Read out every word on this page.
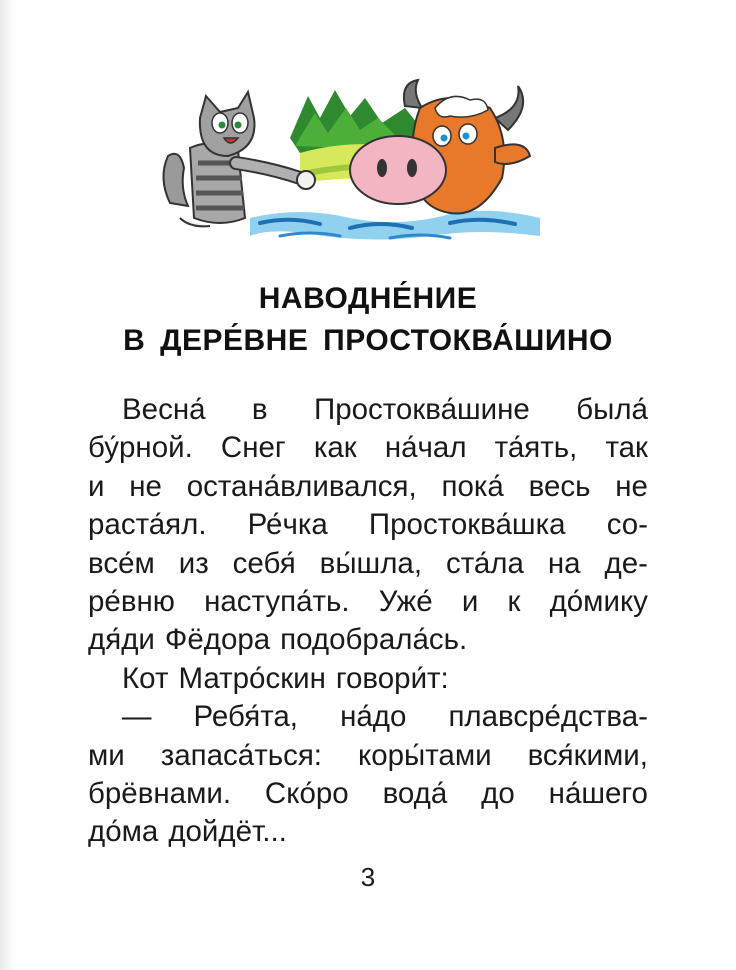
НАВОДНЕ́НИЕ
В ДЕРЕ́ВНЕ ПРОСТОКВА́ШИНО
Весна́ в Простоква́шине была́
бу́рной. Снег как на́чал та́ять, так
и не остана́вливался, пока́ весь не
раста́ял. Ре́чка Простоква́шка со-
все́м из себя́ вы́шла, ста́ла на де-
ре́вню наступа́ть. Уже́ и к до́мику
дя́ди Фёдора подобрала́сь.
Кот Матро́скин говори́т:
— Ребя́та, на́до плавсре́дства-
ми запаса́ться: коры́тами вся́кими,
брёвнами. Ско́ро вода́ до на́шего
до́ма дойдёт...
3
